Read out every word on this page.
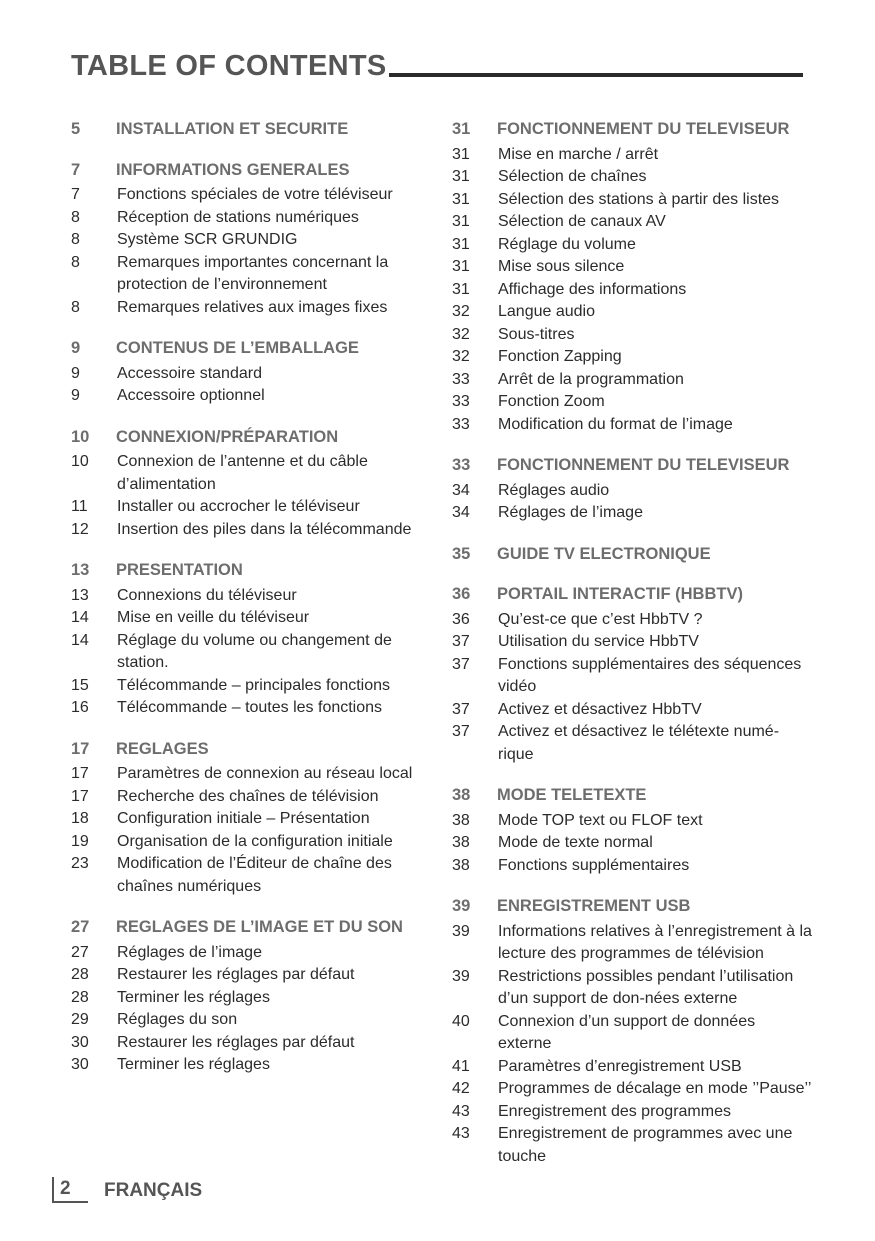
TABLE OF CONTENTS
5	INSTALLATION ET SECURITE
7	INFORMATIONS GENERALES
7	Fonctions spéciales de votre téléviseur
8	Réception de stations numériques
8	Système SCR GRUNDIG
8	Remarques importantes concernant la protection de l’environnement
8	Remarques relatives aux images fixes
9	CONTENUS DE L’EMBALLAGE
9	Accessoire standard
9	Accessoire optionnel
10	CONNEXION/PRÉPARATION
10	Connexion de l’antenne et du câble d’alimentation
11	Installer ou accrocher le téléviseur
12	Insertion des piles dans la télécommande
13	PRESENTATION
13	Connexions du téléviseur
14	Mise en veille du téléviseur
14	Réglage du volume ou changement de station.
15	Télécommande – principales fonctions
16	Télécommande – toutes les fonctions
17	REGLAGES
17	Paramètres de connexion au réseau local
17	Recherche des chaînes de télévision
18	Configuration initiale – Présentation
19	Organisation de la configuration initiale
23	Modification de l’Éditeur de chaîne des chaînes numériques
27	REGLAGES DE L’IMAGE ET DU SON
27	Réglages de l’image
28	Restaurer les réglages par défaut
28	Terminer les réglages
29	Réglages du son
30	Restaurer les réglages par défaut
30	Terminer les réglages
31	FONCTIONNEMENT DU TELEVISEUR
31	Mise en marche / arrêt
31	Sélection de chaînes
31	Sélection des stations à partir des listes
31	Sélection de canaux AV
31	Réglage du volume
31	Mise sous silence
31	Affichage des informations
32	Langue audio
32	Sous-titres
32	Fonction Zapping
33	Arrêt de la programmation
33	Fonction Zoom
33	Modification du format de l’image
33	FONCTIONNEMENT DU TELEVISEUR
34	Réglages audio
34	Réglages de l’image
35	GUIDE TV ELECTRONIQUE
36	PORTAIL INTERACTIF (HBBTV)
36	Qu’est-ce que c’est HbbTV ?
37	Utilisation du service HbbTV
37	Fonctions supplémentaires des séquences vidéo
37	Activez et désactivez HbbTV
37	Activez et désactivez le télétexte numé-rique
38	MODE TELETEXTE
38	Mode TOP text ou FLOF text
38	Mode de texte normal
38	Fonctions supplémentaires
39	ENREGISTREMENT USB
39	Informations relatives à l’enregistrement à la lecture des programmes de télévision
39	Restrictions possibles pendant l’utilisation d’un support de don-nées externe
40	Connexion d’un support de données externe
41	Paramètres d’enregistrement USB
42	Programmes de décalage en mode ’’Pause’’
43	Enregistrement des programmes
43	Enregistrement de programmes avec une touche
2	FRANÇAIS
